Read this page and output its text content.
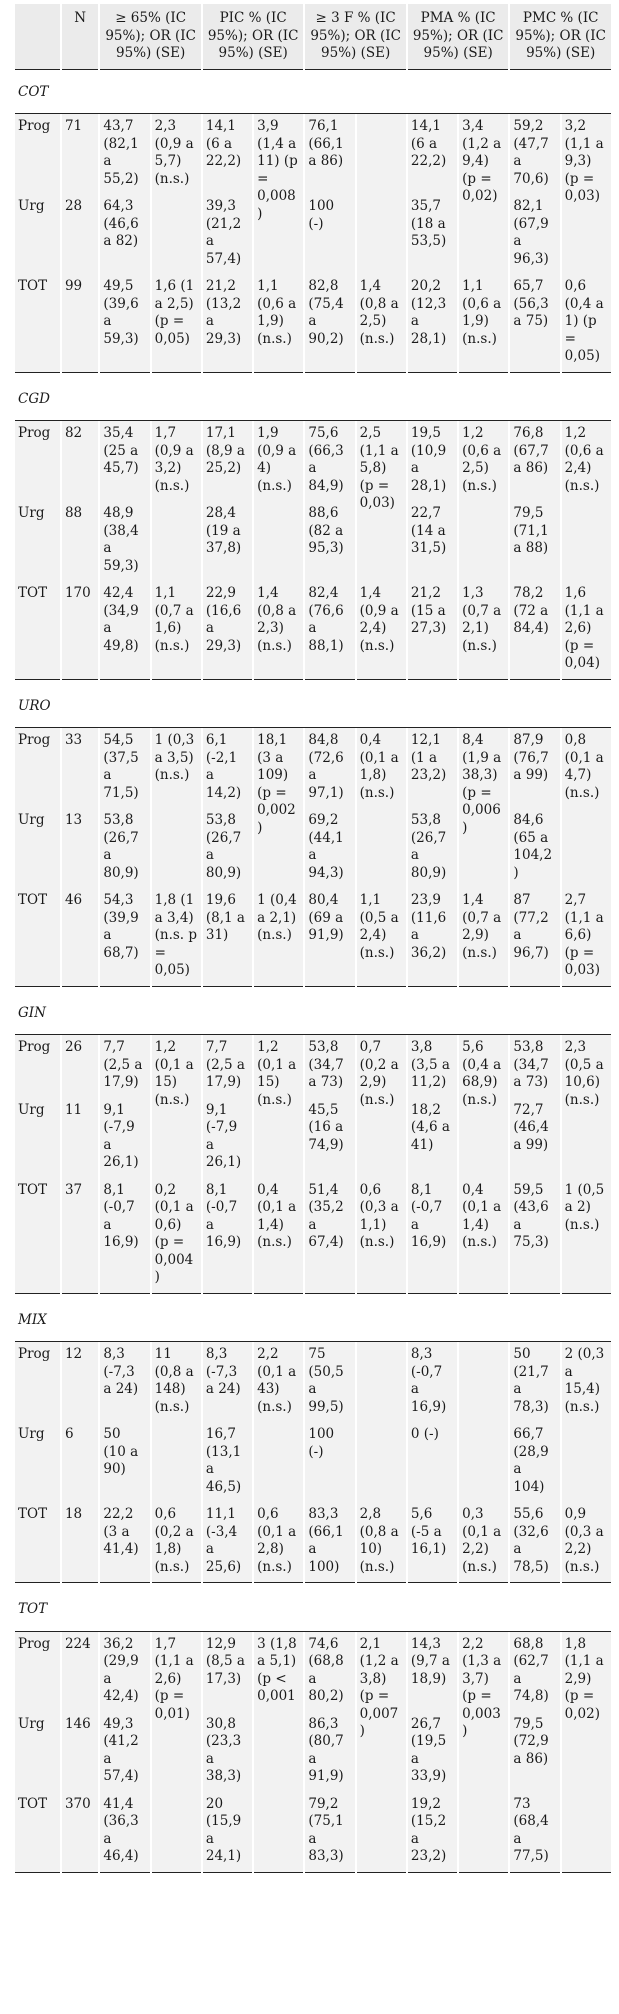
	N	≥ 65% (IC 95%); OR (IC 95%) (SE)		PIC % (IC 95%); OR (IC 95%) (SE)		≥ 3 F % (IC 95%); OR (IC 95%) (SE)		PMA % (IC 95%); OR (IC 95%) (SE)		PMC % (IC 95%); OR (IC 95%) (SE)	
COT											
Prog	71	43,7 (82,1 a 55,2)	2,3 (0,9 a 5,7) (n.s.)	14,1 (6 a 22,2)	3,9 (1,4 a 11) (p = 0,008)	76,1 (66,1 a 86)		14,1 (6 a 22,2)	3,4 (1,2 a 9,4) (p = 0,02)	59,2 (47,7 a 70,6)	3,2 (1,1 a 9,3) (p = 0,03)
Urg	28	64,3 (46,6 a 82)		39,3 (21,2 a 57,4)		100 (-)		35,7 (18 a 53,5)		82,1 (67,9 a 96,3)	
TOT	99	49,5 (39,6 a 59,3)	1,6 (1 a 2,5) (p = 0,05)	21,2 (13,2 a 29,3)	1,1 (0,6 a 1,9) (n.s.)	82,8 (75,4 a 90,2)	1,4 (0,8 a 2,5) (n.s.)	20,2 (12,3 a 28,1)	1,1 (0,6 a 1,9) (n.s.)	65,7 (56,3 a 75)	0,6 (0,4 a 1) (p = 0,05)

CGD											
Prog	82	35,4 (25 a 45,7)	1,7 (0,9 a 3,2) (n.s.)	17,1 (8,9 a 25,2)	1,9 (0,9 a 4) (n.s.)	75,6 (66,3 a 84,9)	2,5 (1,1 a 5,8) (p = 0,03)	19,5 (10,9 a 28,1)	1,2 (0,6 a 2,5) (n.s.)	76,8 (67,7 a 86)	1,2 (0,6 a 2,4) (n.s.)
Urg	88	48,9 (38,4 a 59,3)		28,4 (19 a 37,8)		88,6 (82 a 95,3)		22,7 (14 a 31,5)		79,5 (71,1 a 88)	
TOT	170	42,4 (34,9 a 49,8)	1,1 (0,7 a 1,6) (n.s.)	22,9 (16,6 a 29,3)	1,4 (0,8 a 2,3) (n.s.)	82,4 (76,6 a 88,1)	1,4 (0,9 a 2,4) (n.s.)	21,2 (15 a 27,3)	1,3 (0,7 a 2,1) (n.s.)	78,2 (72 a 84,4)	1,6 (1,1 a 2,6) (p = 0,04)

URO											
Prog	33	54,5 (37,5 a 71,5)	1 (0,3 a 3,5) (n.s.)	6,1 (-2,1 a 14,2)	18,1 (3 a 109) (p = 0,002)	84,8 (72,6 a 97,1)	0,4 (0,1 a 1,8) (n.s.)	12,1 (1 a 23,2)	8,4 (1,9 a 38,3) (p = 0,006)	87,9 (76,7 a 99)	0,8 (0,1 a 4,7) (n.s.)
Urg	13	53,8 (26,7 a 80,9)		53,8 (26,7 a 80,9)		69,2 (44,1 a 94,3)		53,8 (26,7 a 80,9)		84,6 (65 a 104,2)	
TOT	46	54,3 (39,9 a 68,7)	1,8 (1 a 3,4) (n.s. p = 0,05)	19,6 (8,1 a 31)	1 (0,4 a 2,1) (n.s.)	80,4 (69 a 91,9)	1,1 (0,5 a 2,4) (n.s.)	23,9 (11,6 a 36,2)	1,4 (0,7 a 2,9) (n.s.)	87 (77,2 a 96,7)	2,7 (1,1 a 6,6) (p = 0,03)

GIN											
Prog	26	7,7 (2,5 a 17,9)	1,2 (0,1 a 15) (n.s.)	7,7 (2,5 a 17,9)	1,2 (0,1 a 15) (n.s.)	53,8 (34,7 a 73)	0,7 (0,2 a 2,9) (n.s.)	3,8 (3,5 a 11,2)	5,6 (0,4 a 68,9) (n.s.)	53,8 (34,7 a 73)	2,3 (0,5 a 10,6) (n.s.)
Urg	11	9,1 (-7,9 a 26,1)		9,1 (-7,9 a 26,1)		45,5 (16 a 74,9)		18,2 (4,6 a 41)		72,7 (46,4 a 99)	
TOT	37	8,1 (-0,7 a 16,9)	0,2 (0,1 a 0,6) (p = 0,004)	8,1 (-0,7 a 16,9)	0,4 (0,1 a 1,4) (n.s.)	51,4 (35,2 a 67,4)	0,6 (0,3 a 1,1) (n.s.)	8,1 (-0,7 a 16,9)	0,4 (0,1 a 1,4) (n.s.)	59,5 (43,6 a 75,3)	1 (0,5 a 2) (n.s.)

MIX											
Prog	12	8,3 (-7,3 a 24)	11 (0,8 a 148) (n.s.)	8,3 (-7,3 a 24)	2,2 (0,1 a 43) (n.s.)	75 (50,5 a 99,5)		8,3 (-0,7 a 16,9)		50 (21,7 a 78,3)	2 (0,3 a 15,4) (n.s.)
Urg	6	50 (10 a 90)		16,7 (13,1 a 46,5)		100 (-)		0 (-)		66,7 (28,9 a 104)	
TOT	18	22,2 (3 a 41,4)	0,6 (0,2 a 1,8) (n.s.)	11,1 (-3,4 a 25,6)	0,6 (0,1 a 2,8) (n.s.)	83,3 (66,1 a 100)	2,8 (0,8 a 10) (n.s.)	5,6 (-5 a 16,1)	0,3 (0,1 a 2,2) (n.s.)	55,6 (32,6 a 78,5)	0,9 (0,3 a 2,2) (n.s.)

TOT											
Prog	224	36,2 (29,9 a 42,4)	1,7 (1,1 a 2,6) (p = 0,01)	12,9 (8,5 a 17,3)	3 (1,8 a 5,1) (p < 0,001	74,6 (68,8 a 80,2)	2,1 (1,2 a 3,8) (p = 0,007)	14,3 (9,7 a 18,9)	2,2 (1,3 a 3,7) (p = 0,003)	68,8 (62,7 a 74,8)	1,8 (1,1 a 2,9) (p = 0,02)
Urg	146	49,3 (41,2 a 57,4)		30,8 (23,3 a 38,3)		86,3 (80,7 a 91,9)		26,7 (19,5 a 33,9)		79,5 (72,9 a 86)	
TOT	370	41,4 (36,3 a 46,4)		20 (15,9 a 24,1)		79,2 (75,1 a 83,3)		19,2 (15,2 a 23,2)		73 (68,4 a 77,5)	
